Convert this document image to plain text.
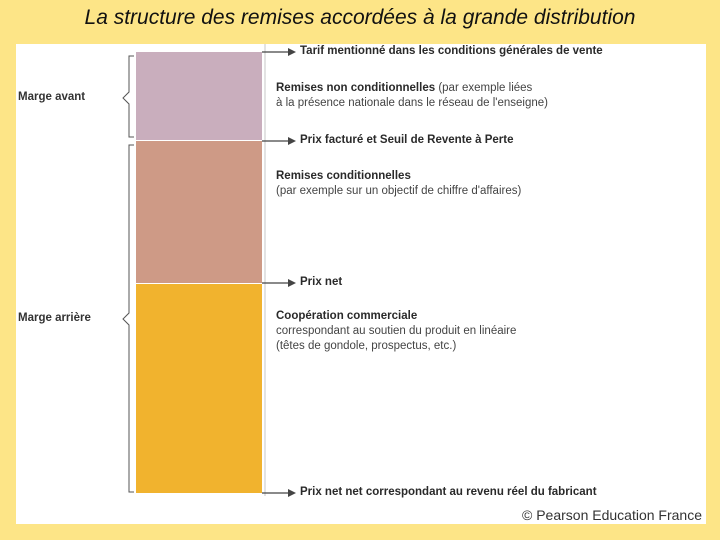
La structure des remises accordées à la grande distribution
Marge avant
Marge arrière
Tarif mentionné dans les conditions générales de vente
Prix facturé et Seuil de Revente à Perte
Prix net
Prix net net correspondant au revenu réel du fabricant
Remises non conditionnelles (par exemple liées
à la présence nationale dans le réseau de l'enseigne)
Remises conditionnelles
(par exemple sur un objectif de chiffre d'affaires)
Coopération commerciale
correspondant au soutien du produit en linéaire
(têtes de gondole, prospectus, etc.)
© Pearson Education France
